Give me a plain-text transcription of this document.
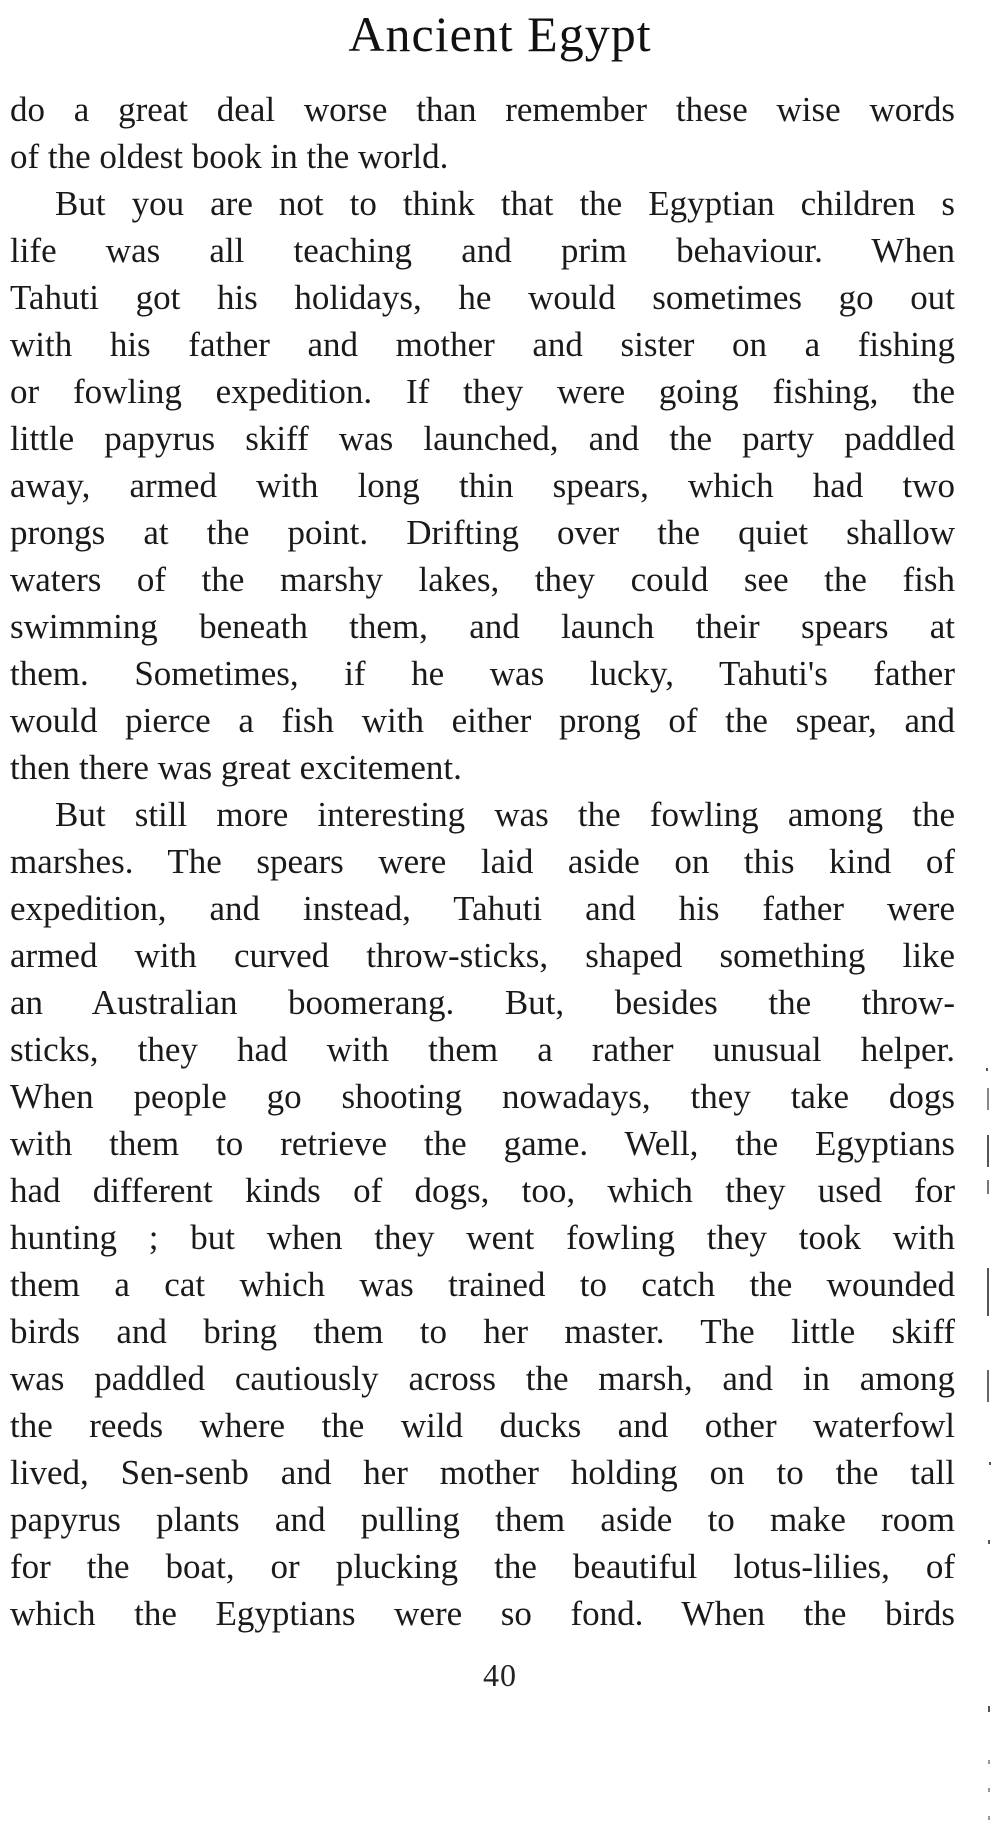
Ancient Egypt
do a great deal worse than remember these wise words
of the oldest book in the world.
But you are not to think that the Egyptian children s
life was all teaching and prim behaviour. When
Tahuti got his holidays, he would sometimes go out
with his father and mother and sister on a fishing
or fowling expedition. If they were going fishing, the
little papyrus skiff was launched, and the party paddled
away, armed with long thin spears, which had two
prongs at the point. Drifting over the quiet shallow
waters of the marshy lakes, they could see the fish
swimming beneath them, and launch their spears at
them. Sometimes, if he was lucky, Tahuti's father
would pierce a fish with either prong of the spear, and
then there was great excitement.
But still more interesting was the fowling among the
marshes. The spears were laid aside on this kind of
expedition, and instead, Tahuti and his father were
armed with curved throw-sticks, shaped something like
an Australian boomerang. But, besides the throw-
sticks, they had with them a rather unusual helper.
When people go shooting nowadays, they take dogs
with them to retrieve the game. Well, the Egyptians
had different kinds of dogs, too, which they used for
hunting ; but when they went fowling they took with
them a cat which was trained to catch the wounded
birds and bring them to her master. The little skiff
was paddled cautiously across the marsh, and in among
the reeds where the wild ducks and other waterfowl
lived, Sen-senb and her mother holding on to the tall
papyrus plants and pulling them aside to make room
for the boat, or plucking the beautiful lotus-lilies, of
which the Egyptians were so fond. When the birds
40
